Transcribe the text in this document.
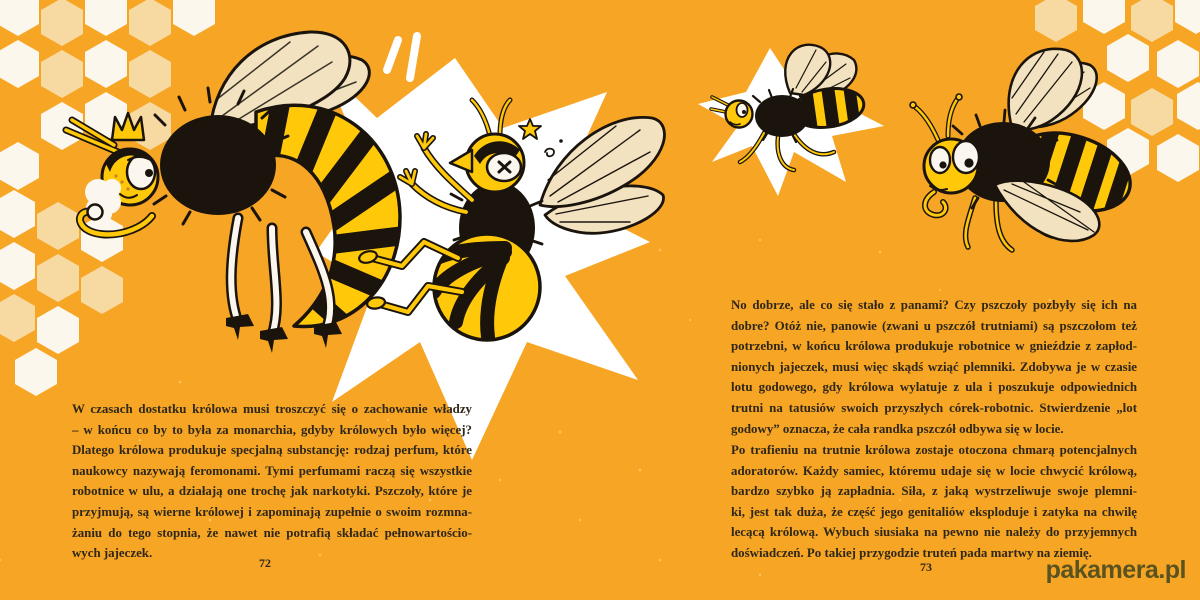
W czasach dostatku królowa musi troszczyć się o zachowanie władzy
– w końcu co by to była za monarchia, gdyby królowych było więcej?
Dlatego królowa produkuje specjalną substancję: rodzaj perfum, które
naukowcy nazywają feromonami. Tymi perfumami raczą się wszystkie
robotnice w ulu, a działają one trochę jak narkotyki. Pszczoły, które je
przyjmują, są wierne królowej i zapominają zupełnie o swoim rozmna-
żaniu do tego stopnia, że nawet nie potrafią składać pełnowartościo-
wych jajeczek.
No dobrze, ale co się stało z panami? Czy pszczoły pozbyły się ich na
dobre? Otóż nie, panowie (zwani u pszczół trutniami) są pszczołom też
potrzebni, w końcu królowa produkuje robotnice w gnieździe z zapłod-
nionych jajeczek, musi więc skądś wziąć plemniki. Zdobywa je w czasie
lotu godowego, gdy królowa wylatuje z ula i poszukuje odpowiednich
trutni na tatusiów swoich przyszłych córek-robotnic. Stwierdzenie „lot
godowy” oznacza, że cała randka pszczół odbywa się w locie.
Po trafieniu na trutnie królowa zostaje otoczona chmarą potencjalnych
adoratorów. Każdy samiec, któremu udaje się w locie chwycić królową,
bardzo szybko ją zapładnia. Siła, z jaką wystrzeliwuje swoje plemni-
ki, jest tak duża, że część jego genitaliów eksploduje i zatyka na chwilę
lecącą królową. Wybuch siusiaka na pewno nie należy do przyjemnych
doświadczeń. Po takiej przygodzie truteń pada martwy na ziemię.
72	73	pakamera.pl
